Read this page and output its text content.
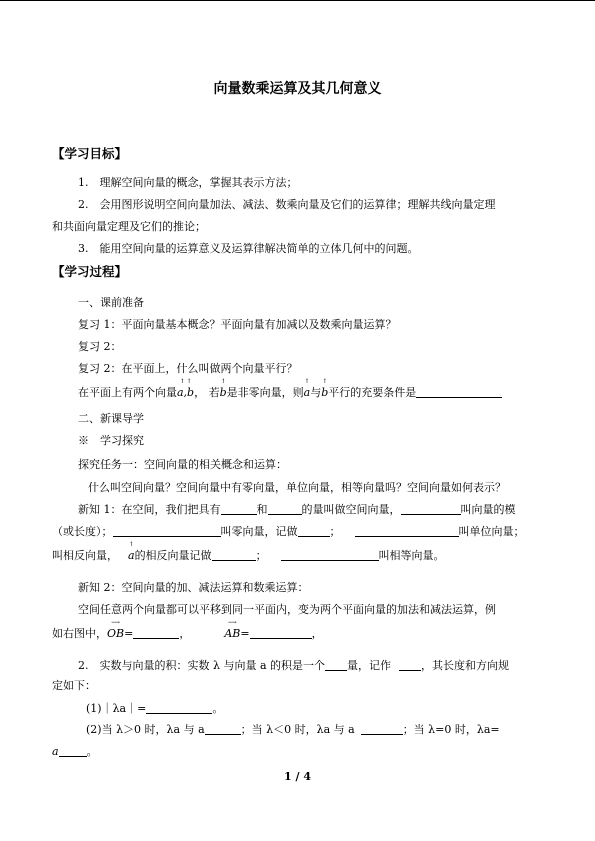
向量数乘运算及其几何意义
【学习目标】
1.　理解空间向量的概念，掌握其表示方法；
2.　会用图形说明空间向量加法、减法、数乘向量及它们的运算律；理解共线向量定理
和共面向量定理及它们的推论；
3.　能用空间向量的运算意义及运算律解决简单的立体几何中的问题。
【学习过程】
一、课前准备
复习 1：平面向量基本概念？平面向量有加减以及数乘向量运算？
复习 2：
复习 2：在平面上，什么叫做两个向量平行？
在平面上有两个向量
↑ ↑
a,b， 若
↑
b是非零向量，则
↑
a与
↑
b平行的充要条件是
二、新课导学
※　学习探究
探究任务一：空间向量的相关概念和运算：
什么叫空间向量？空间向量中有零向量，单位向量，相等向量吗？空间向量如何表示？
新知 1：在空间，我们把具有	和	的量叫做空间向量，	叫向量的模
（或长度）；	叫零向量，记做	；	叫单位向量；
叫相反向量，
↑
a的相反向量记做	；	叫相等向量。
新知 2：空间向量的加、减法运算和数乘运算：
空间任意两个向量都可以平移到同一平面内，变为两个平面向量的加法和减法运算，例
如右图中，
⟶
OB=	，
⟶
AB=	，
2.　实数与向量的积：实数 λ 与向量 a 的积是一个 量，记作	，其长度和方向规
定如下：
(1)｜λa｜=	。
(2)当 λ＞0 时，λa 与 a	；当 λ＜0 时，λa 与 a	；当 λ=0 时，λa=
a	。
1 / 4
